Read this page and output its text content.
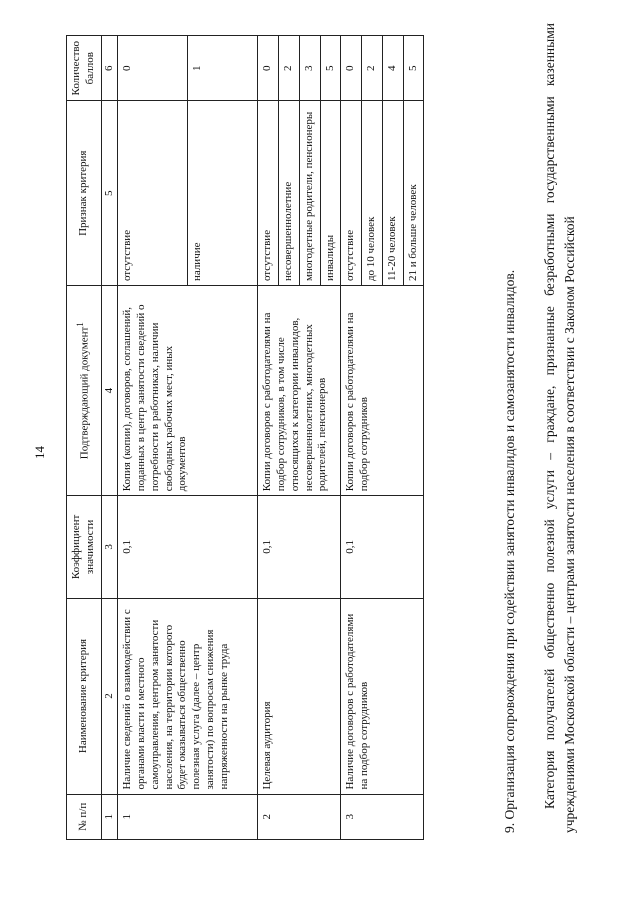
14
№ п/п	Наименование критерия	Коэффициент значимости	Подтверждающий документ$^1$	Признак критерия	Количество баллов
1	2	3	4	5	6
1	Наличие сведений о взаимодействии с органами власти и местного самоуправления, центром занятости населения, на территории которого будет оказываться общественно полезная услуга (далее – центр занятости) по вопросам снижения напряженности на рынке труда	0,1	Копия (копии), договоров, соглашений, поданных в центр занятости сведений о потребности в работниках, наличии свободных рабочих мест, иных документов	отсутствие	0
				наличие	1
2	Целевая аудитория	0,1	Копии договоров с работодателями на подбор сотрудников, в том числе относящихся к категории инвалидов, несовершеннолетних, многодетных родителей, пенсионеров	отсутствие	0
				несовершеннолетние	2
				многодетные родители, пенсионеры	3
				инвалиды	5
3	Наличие договоров с работодателями на подбор сотрудников	0,1	Копии договоров с работодателями на подбор сотрудников	отсутствие	0
				до 10 человек	2
				11-20 человек	4
				21 и больше человек	5
9. Организация сопровождения при содействии занятости инвалидов и самозанятости инвалидов. Категория получателей общественно полезной услуги – граждане, признанные безработными государственными казенными учреждениями Московской области – центрами занятости населения в соответствии с Законом Российской
